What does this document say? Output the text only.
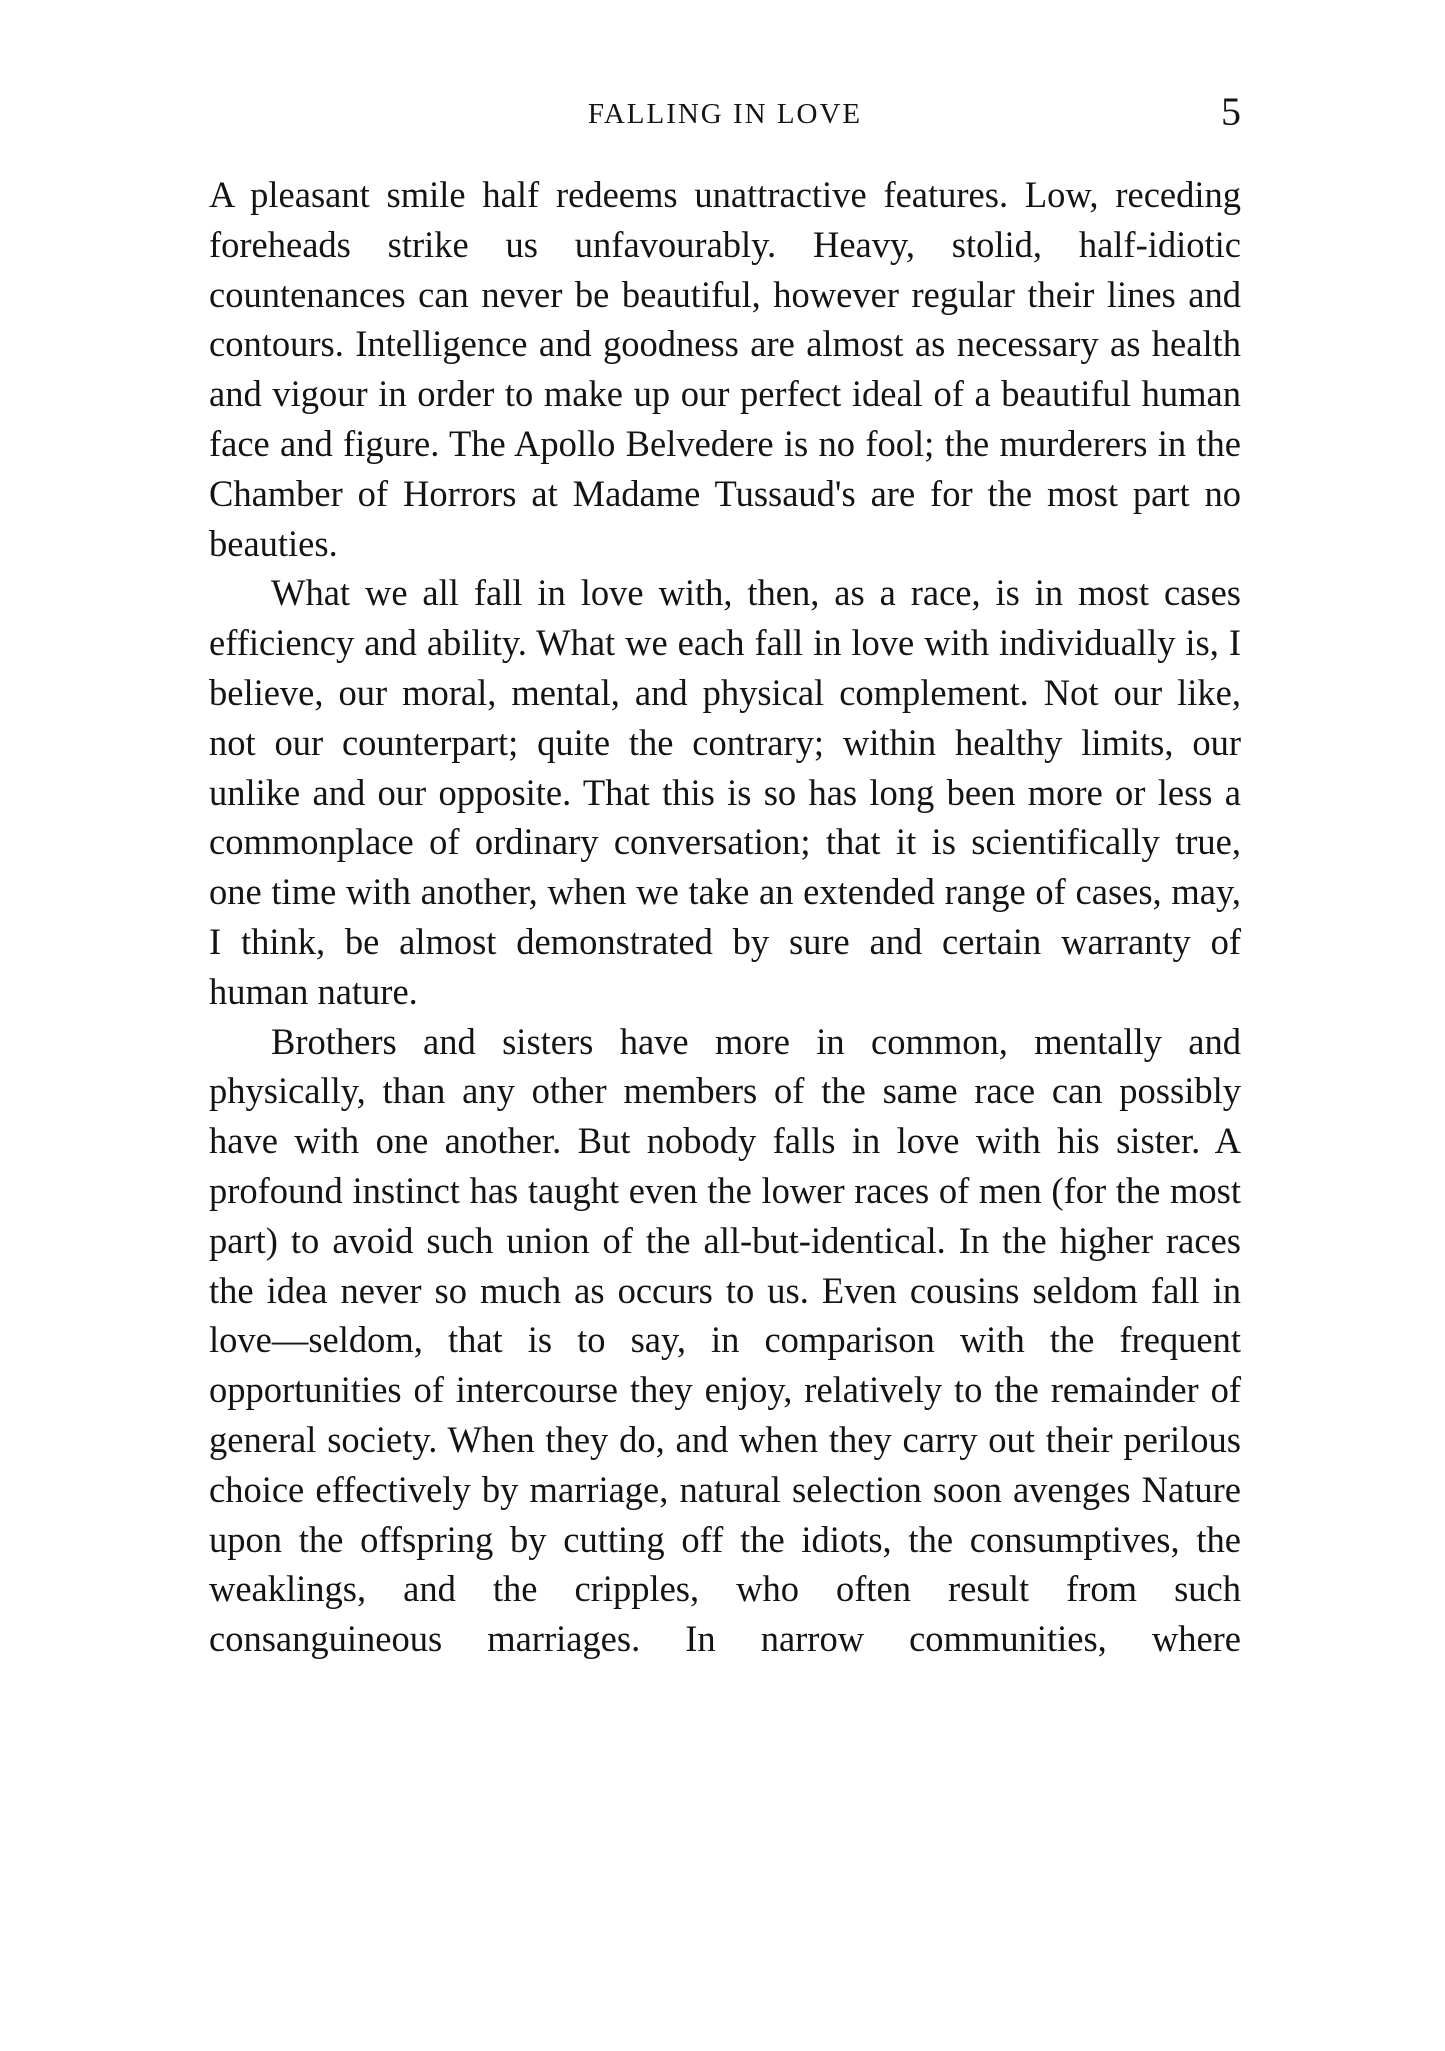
FALLING IN LOVE	5

A pleasant smile half redeems unattractive features. Low, receding foreheads strike us unfavourably. Heavy, stolid, half-idiotic countenances can never be beautiful, however regular their lines and contours. Intelligence and goodness are almost as necessary as health and vigour in order to make up our perfect ideal of a beautiful human face and figure. The Apollo Belvedere is no fool; the murderers in the Chamber of Horrors at Madame Tussaud's are for the most part no beauties.

What we all fall in love with, then, as a race, is in most cases efficiency and ability. What we each fall in love with individually is, I believe, our moral, mental, and physical complement. Not our like, not our counterpart; quite the contrary; within healthy limits, our unlike and our opposite. That this is so has long been more or less a commonplace of ordinary conversation; that it is scientifically true, one time with another, when we take an extended range of cases, may, I think, be almost demonstrated by sure and certain warranty of human nature.

Brothers and sisters have more in common, mentally and physically, than any other members of the same race can possibly have with one another. But nobody falls in love with his sister. A profound instinct has taught even the lower races of men (for the most part) to avoid such union of the all-but-identical. In the higher races the idea never so much as occurs to us. Even cousins seldom fall in love—seldom, that is to say, in comparison with the frequent opportunities of intercourse they enjoy, relatively to the remainder of general society. When they do, and when they carry out their perilous choice effectively by marriage, natural selection soon avenges Nature upon the offspring by cutting off the idiots, the consumptives, the weaklings, and the cripples, who often result from such consanguineous marriages. In narrow communities, where
